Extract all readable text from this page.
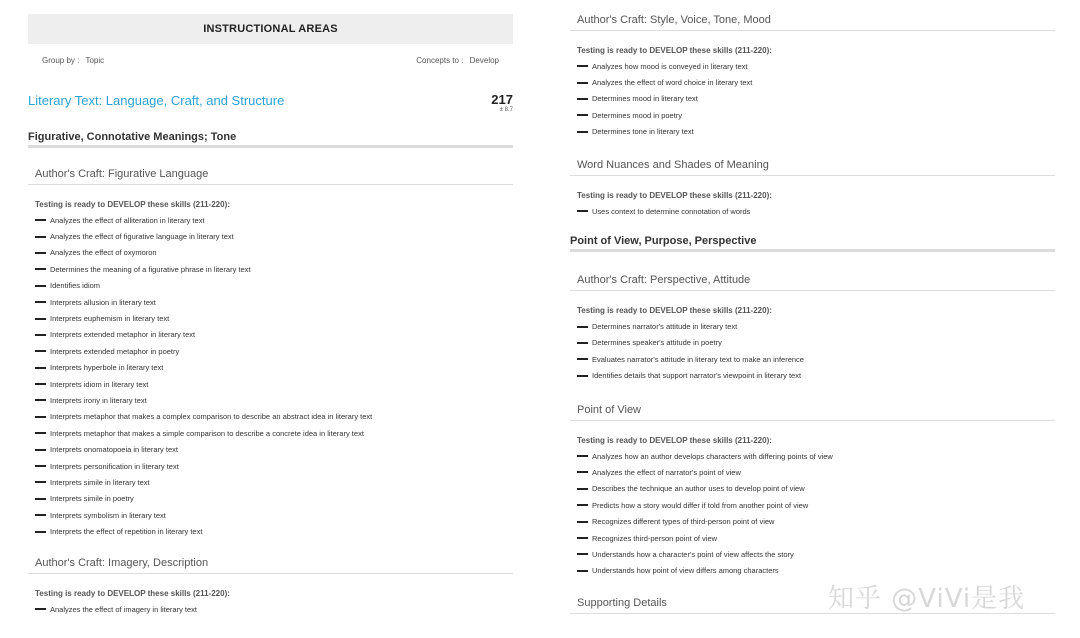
INSTRUCTIONAL AREAS
Group by : Topic	Concepts to : Develop
Literary Text: Language, Craft, and Structure	217
± 8.7
Figurative, Connotative Meanings; Tone
Author's Craft: Figurative Language
Testing is ready to DEVELOP these skills (211-220):
Analyzes the effect of alliteration in literary text
Analyzes the effect of figurative language in literary text
Analyzes the effect of oxymoron
Determines the meaning of a figurative phrase in literary text
Identifies idiom
Interprets allusion in literary text
Interprets euphemism in literary text
Interprets extended metaphor in literary text
Interprets extended metaphor in poetry
Interprets hyperbole in literary text
Interprets idiom in literary text
Interprets irony in literary text
Interprets metaphor that makes a complex comparison to describe an abstract idea in literary text
Interprets metaphor that makes a simple comparison to describe a concrete idea in literary text
Interprets onomatopoeia in literary text
Interprets personification in literary text
Interprets simile in literary text
Interprets simile in poetry
Interprets symbolism in literary text
Interprets the effect of repetition in literary text
Author's Craft: Imagery, Description
Testing is ready to DEVELOP these skills (211-220):
Analyzes the effect of imagery in literary text
Author's Craft: Style, Voice, Tone, Mood
Testing is ready to DEVELOP these skills (211-220):
Analyzes how mood is conveyed in literary text
Analyzes the effect of word choice in literary text
Determines mood in literary text
Determines mood in poetry
Determines tone in literary text
Word Nuances and Shades of Meaning
Testing is ready to DEVELOP these skills (211-220):
Uses context to determine connotation of words
Point of View, Purpose, Perspective
Author's Craft: Perspective, Attitude
Testing is ready to DEVELOP these skills (211-220):
Determines narrator's attitude in literary text
Determines speaker's attitude in poetry
Evaluates narrator's attitude in literary text to make an inference
Identifies details that support narrator's viewpoint in literary text
Point of View
Testing is ready to DEVELOP these skills (211-220):
Analyzes how an author develops characters with differing points of view
Analyzes the effect of narrator's point of view
Describes the technique an author uses to develop point of view
Predicts how a story would differ if told from another point of view
Recognizes different types of third-person point of view
Recognizes third-person point of view
Understands how a character's point of view affects the story
Understands how point of view differs among characters
Supporting Details	知乎 @ViVi是我
